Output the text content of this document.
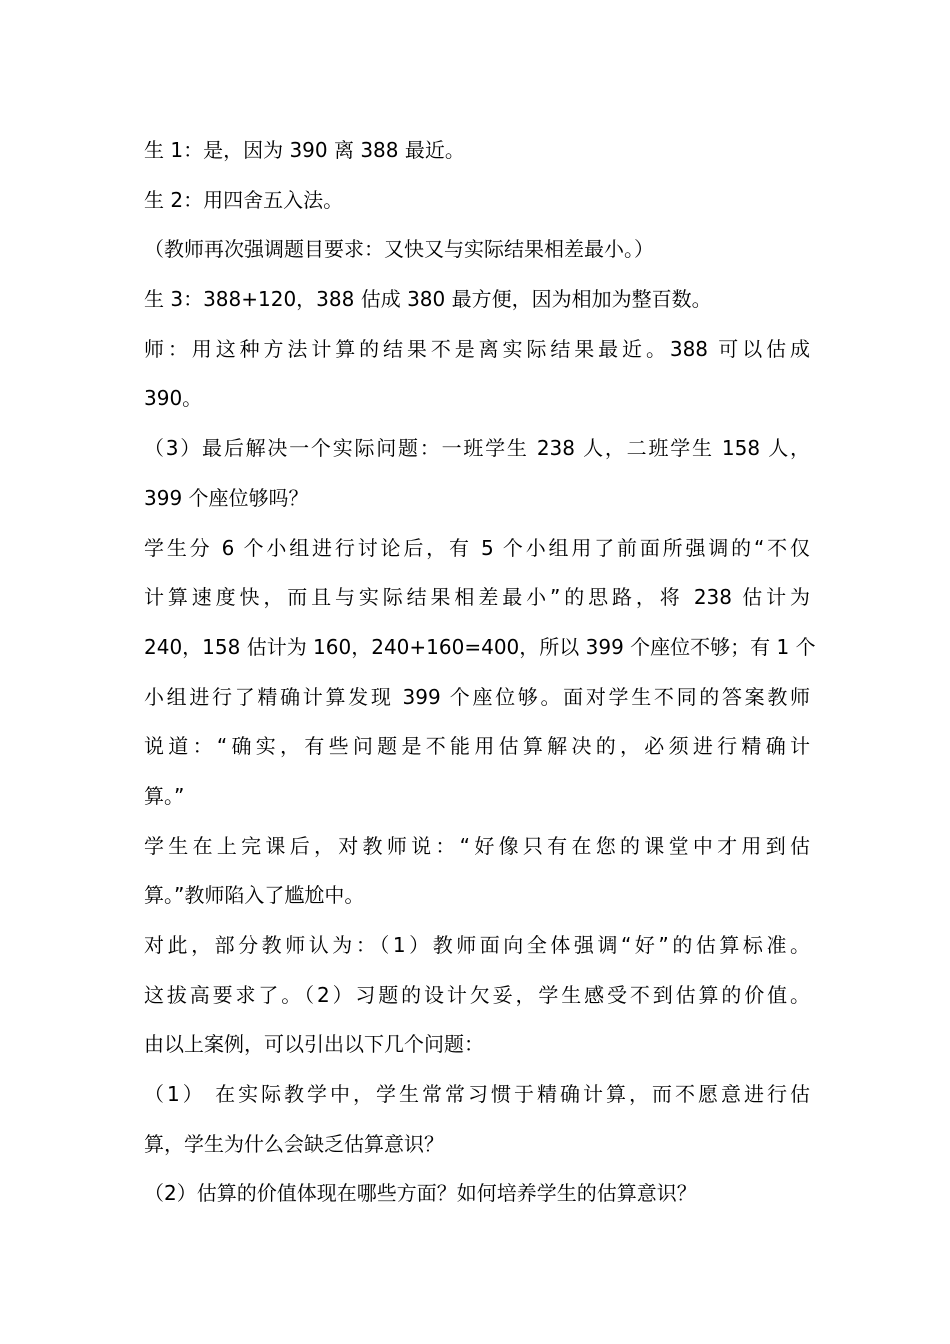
生 1：是，因为 390 离 388 最近。
生 2：用四舍五入法。
（教师再次强调题目要求：又快又与实际结果相差最小。）
生 3：388+120，388 估成 380 最方便，因为相加为整百数。
师：用这种方法计算的结果不是离实际结果最近。388 可以估成
390。
（3）最后解决一个实际问题：一班学生 238 人，二班学生 158 人，
399 个座位够吗？
学生分 6 个小组进行讨论后，有 5 个小组用了前面所强调的“不仅
计算速度快，而且与实际结果相差最小”的思路，将 238 估计为
240，158 估计为 160，240+160=400，所以 399 个座位不够；有 1 个
小组进行了精确计算发现 399 个座位够。面对学生不同的答案教师
说道：“确实，有些问题是不能用估算解决的，必须进行精确计
算。”
学生在上完课后，对教师说：“好像只有在您的课堂中才用到估
算。”教师陷入了尴尬中。
对此，部分教师认为：（1）教师面向全体强调“好”的估算标准。
这拔高要求了。（2）习题的设计欠妥，学生感受不到估算的价值。
由以上案例，可以引出以下几个问题：
（1） 在实际教学中，学生常常习惯于精确计算，而不愿意进行估
算，学生为什么会缺乏估算意识？
（2）估算的价值体现在哪些方面？如何培养学生的估算意识？
